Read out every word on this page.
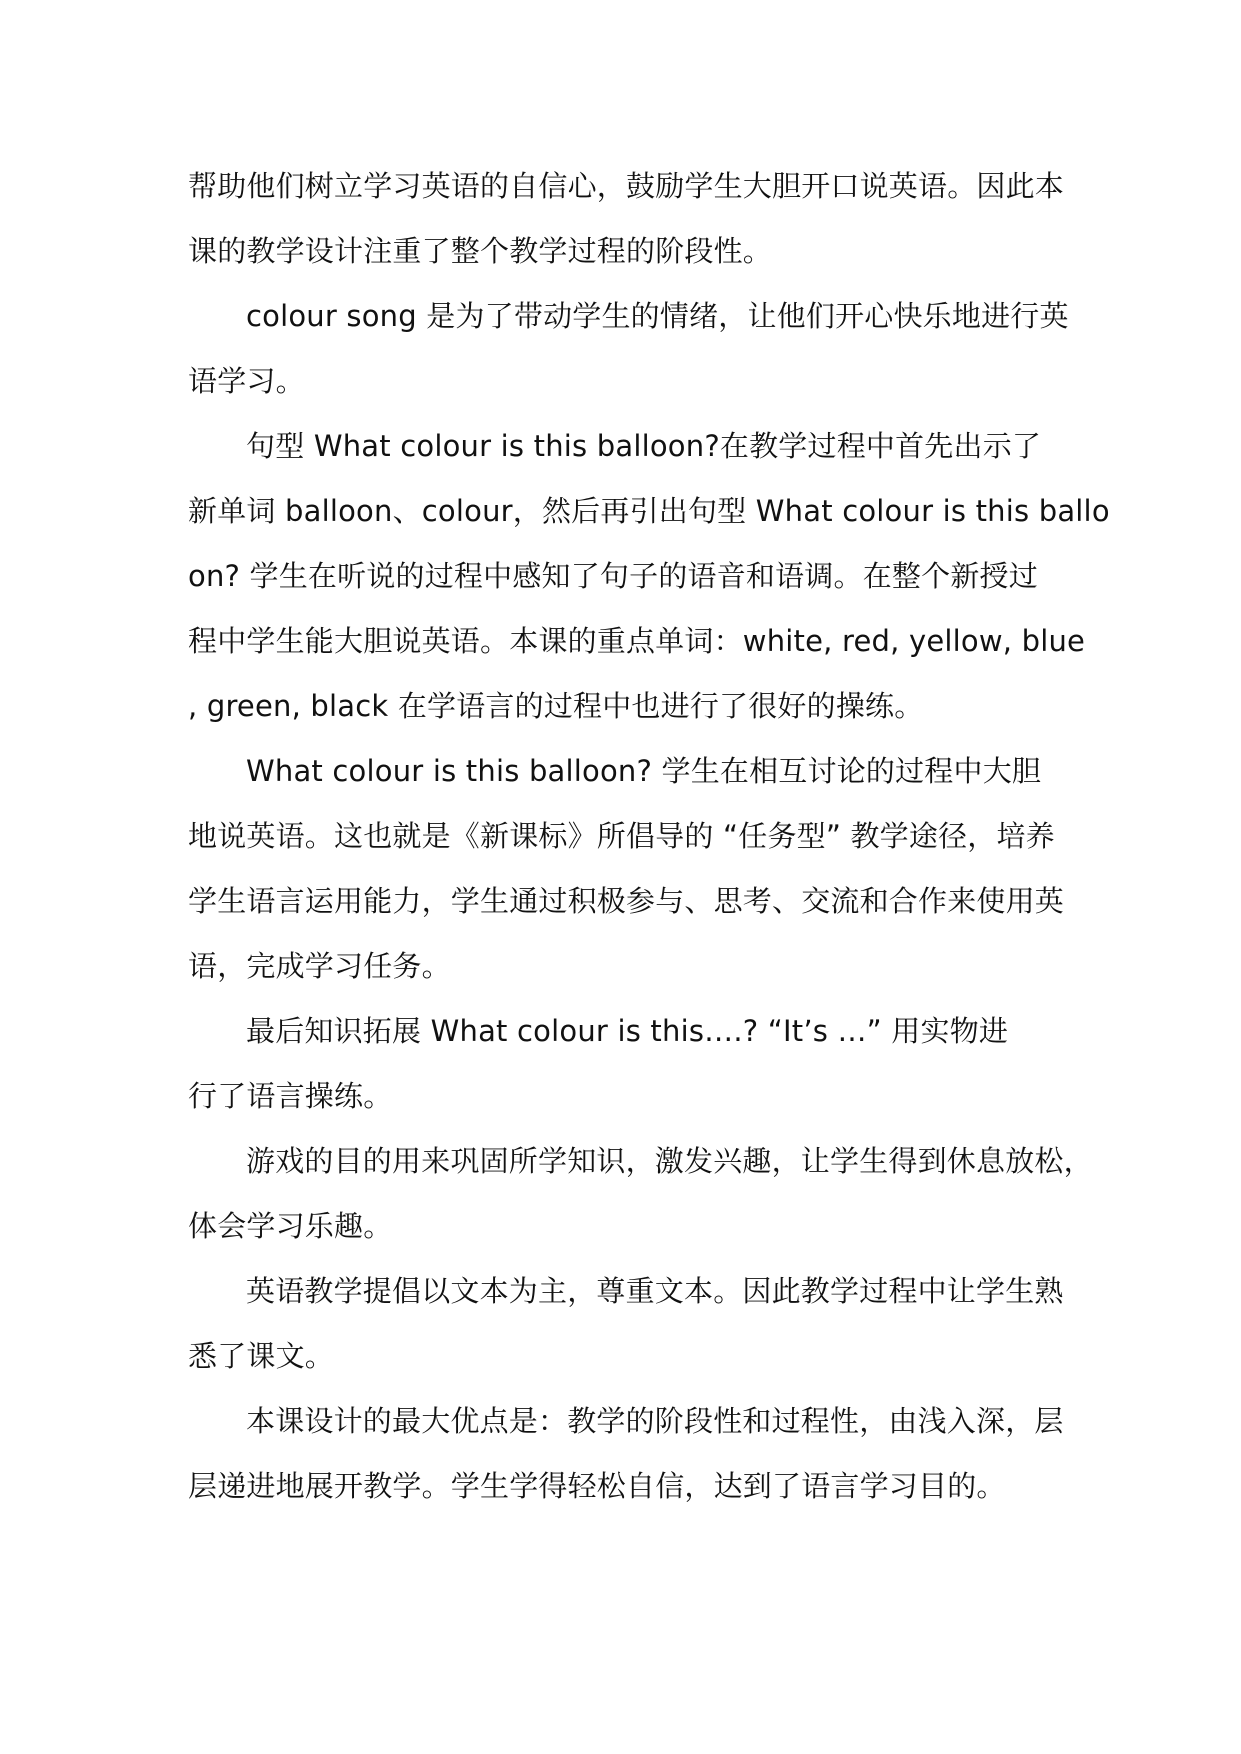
帮助他们树立学习英语的自信心，鼓励学生大胆开口说英语。因此本
课的教学设计注重了整个教学过程的阶段性。
colour song 是为了带动学生的情绪，让他们开心快乐地进行英
语学习。
句型 What colour is this balloon?在教学过程中首先出示了
新单词 balloon、colour，然后再引出句型 What colour is this ballo
on? 学生在听说的过程中感知了句子的语音和语调。在整个新授过
程中学生能大胆说英语。本课的重点单词：white, red, yellow, blue
, green, black 在学语言的过程中也进行了很好的操练。
What colour is this balloon? 学生在相互讨论的过程中大胆
地说英语。这也就是《新课标》所倡导的 “任务型” 教学途径，培养
学生语言运用能力，学生通过积极参与、思考、交流和合作来使用英
语，完成学习任务。
最后知识拓展 What colour is this….? “It’s …” 用实物进
行了语言操练。
游戏的目的用来巩固所学知识，激发兴趣，让学生得到休息放松，
体会学习乐趣。
英语教学提倡以文本为主，尊重文本。因此教学过程中让学生熟
悉了课文。
本课设计的最大优点是：教学的阶段性和过程性，由浅入深，层
层递进地展开教学。学生学得轻松自信，达到了语言学习目的。
